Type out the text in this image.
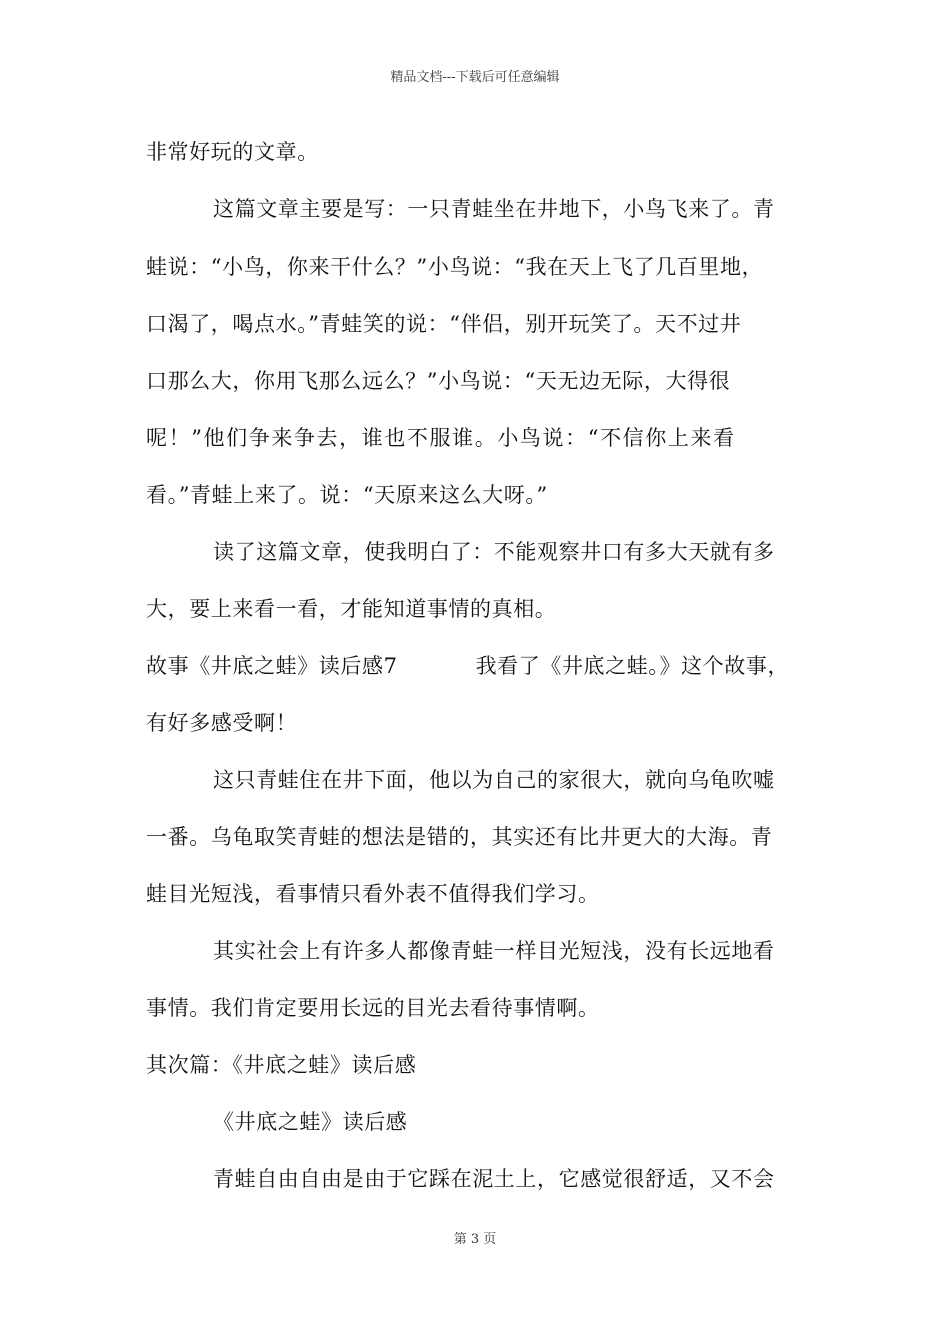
精品文档---下载后可任意编辑
非常好玩的文章。
这篇文章主要是写：一只青蛙坐在井地下，小鸟飞来了。青
蛙说：“小鸟，你来干什么？”小鸟说：“我在天上飞了几百里地，
口渴了，喝点水。”青蛙笑的说：“伴侣，别开玩笑了。天不过井
口那么大，你用飞那么远么？”小鸟说：“天无边无际，大得很
呢！”他们争来争去，谁也不服谁。小鸟说：“不信你上来看
看。”青蛙上来了。说：“天原来这么大呀。”
读了这篇文章，使我明白了：不能观察井口有多大天就有多
大，要上来看一看，才能知道事情的真相。
故事《井底之蛙》读后感7	我看了《井底之蛙。》这个故事，
有好多感受啊！
这只青蛙住在井下面，他以为自己的家很大，就向乌龟吹嘘
一番。乌龟取笑青蛙的想法是错的，其实还有比井更大的大海。青
蛙目光短浅，看事情只看外表不值得我们学习。
其实社会上有许多人都像青蛙一样目光短浅，没有长远地看
事情。我们肯定要用长远的目光去看待事情啊。
其次篇：《井底之蛙》读后感
《井底之蛙》读后感
青蛙自由自由是由于它踩在泥土上，它感觉很舒适，又不会
第 3 页
